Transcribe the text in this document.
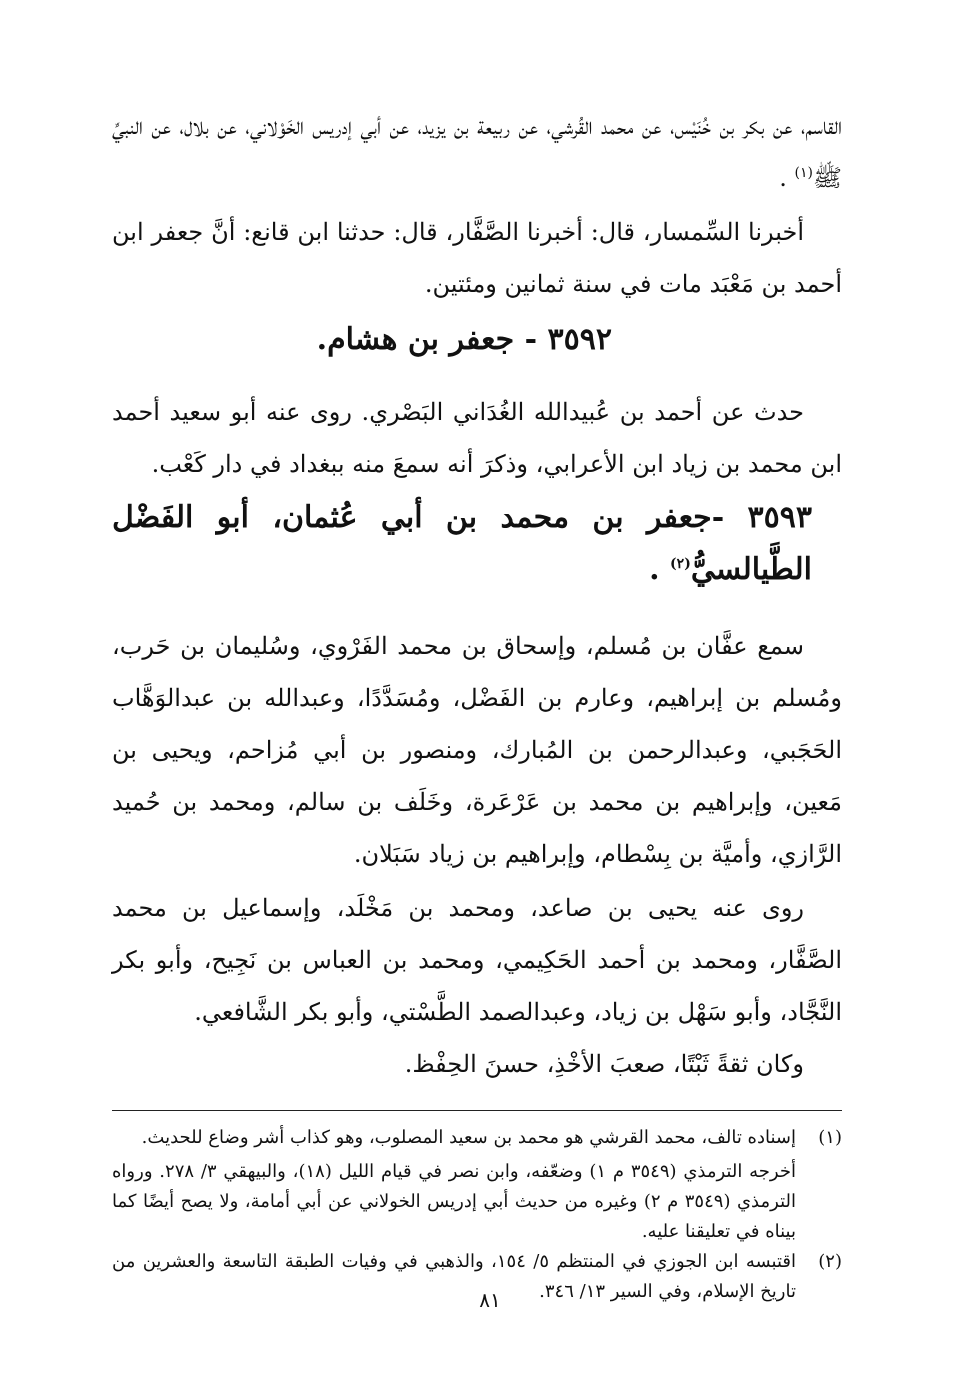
القاسم، عن بكر بن خُنَيْس، عن محمد القُرشي، عن ربيعة بن يزيد، عن أبي إدريس الخَوْلاني، عن بلال، عن النبيِّ ﷺ$^{(١)}$ .

أخبرنا السِّمسار، قال: أخبرنا الصَّفَّار، قال: حدثنا ابن قانع: أنَّ جعفر ابن أحمد بن مَعْبَد مات في سنة ثمانين ومئتين.

٣٥٩٢ - جعفر بن هشام.

حدث عن أحمد بن عُبيدالله الغُدَاني البَصْري. روى عنه أبو سعيد أحمد ابن محمد بن زياد ابن الأعرابي، وذكرَ أنه سمعَ منه ببغداد في دار كَعْب.

٣٥٩٣ -جعفر بن محمد بن أبي عُثمان، أبو الفَضْل الطَّيالسيُّ$^{(٢)}$ .

سمع عفَّان بن مُسلم، وإسحاق بن محمد الفَرْوي، وسُليمان بن حَرب، ومُسلم بن إبراهيم، وعارم بن الفَضْل، ومُسَدَّدًا، وعبدالله بن عبدالوَهَّاب الحَجَبي، وعبدالرحمن بن المُبارك، ومنصور بن أبي مُزاحم، ويحيى بن مَعين، وإبراهيم بن محمد بن عَرْعَرة، وخَلَف بن سالم، ومحمد بن حُميد الرَّازي، وأميَّة بن بِسْطام، وإبراهيم بن زياد سَبَلان.

روى عنه يحيى بن صاعد، ومحمد بن مَخْلَد، وإسماعيل بن محمد الصَّفَّار، ومحمد بن أحمد الحَكِيمي، ومحمد بن العباس بن نَجِيح، وأبو بكر النَّجَّاد، وأبو سَهْل بن زياد، وعبدالصمد الطَّسْتي، وأبو بكر الشَّافعي.

وكان ثقةً ثَبْتًا، صعبَ الأخْذِ، حسنَ الحِفْظ.

(١)

إسناده تالف، محمد القرشي هو محمد بن سعيد المصلوب، وهو كذاب أشر وضاع للحديث.

أخرجه الترمذي (٣٥٤٩ م ١) وضعّفه، وابن نصر في قيام الليل (١٨)، والبيهقي ٣/ ٢٧٨. ورواه الترمذي (٣٥٤٩ م ٢) وغيره من حديث أبي إدريس الخولاني عن أبي أمامة، ولا يصح أيضًا كما بيناه في تعليقنا عليه.

(٢)

اقتبسه ابن الجوزي في المنتظم ٥/ ١٥٤، والذهبي في وفيات الطبقة التاسعة والعشرين من تاريخ الإسلام، وفي السير ١٣/ ٣٤٦.

٨١
